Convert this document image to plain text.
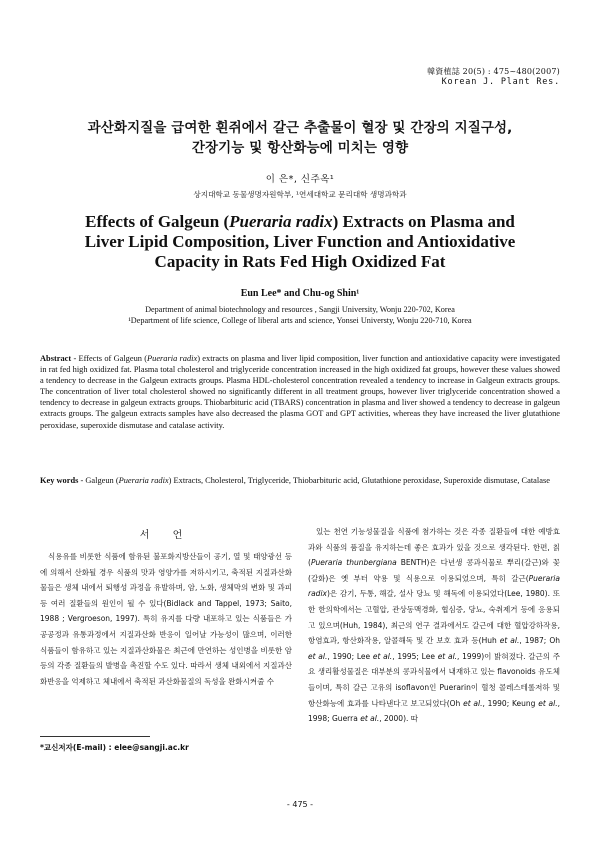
韓資植誌 20(5) : 475~480(2007)
Korean J. Plant Res.
과산화지질을 급여한 흰쥐에서 갈근 추출물이 혈장 및 간장의 지질구성,
간장기능 및 항산화능에 미치는 영향
이 은*, 신주옥¹
상지대학교 동물생명자원학부, ¹연세대학교 문리대학 생명과학과
Effects of Galgeun (Pueraria radix) Extracts on Plasma and
Liver Lipid Composition, Liver Function and Antioxidative
Capacity in Rats Fed High Oxidized Fat
Eun Lee* and Chu-og Shin¹
Department of animal biotechnology and resources , Sangji University, Wonju 220-702, Korea
¹Department of life science, College of liberal arts and science, Yonsei Universty, Wonju 220-710, Korea
Abstract - Effects of Galgeun (Pueraria radix) extracts on plasma and liver lipid composition, liver function and antioxidative capacity were investigated in rat fed high oxidized fat. Plasma total cholesterol and triglyceride concentration increased in the high oxidized fat groups, however these values showed a tendency to decrease in the Galgeun extracts groups. Plasma HDL-cholesterol concentration revealed a tendency to increase in Galgeun extracts groups. The concentration of liver total cholesterol showed no significantly different in all treatment groups, however liver triglyceride concentration showed a tendency to decrease in galgeun extracts groups. Thiobarbituric acid (TBARS) concentration in plasma and liver showed a tendency to decrease in galgeun extracts groups. The galgeun extracts samples have also decreased the plasma GOT and GPT activities, whereas they have increased the liver glutathione peroxidase, superoxide dismutase and catalase activity.
Key words - Galgeun (Pueraria radix) Extracts, Cholesterol, Triglyceride, Thiobarbituric acid, Glutathione peroxidase, Superoxide dismutase, Catalase
서 언

식용유를 비롯한 식품에 함유된 불포화지방산들이 공기, 열 및 태양광선 등에 의해서 산화될 경우 식품의 맛과 영양가를 저하시키고, 축적된 지질과산화물들은 생체 내에서 퇴행성 과정을 유발하며, 암, 노화, 생체막의 변화 및 과피 등 여러 질환들의 원인이 될 수 있다(Bidlack and Tappel, 1973; Saito, 1988 ; Vergroeson, 1997). 특히 유지를 다량 내포하고 있는 식품들은 가공공정과 유통과정에서 지질과산화 반응이 일어날 가능성이 많으며, 이러한 식품들이 함유하고 있는 지질과산화물은 최근에 만연하는 성인병을 비롯한 암 등의 각종 질환들의 발병을 촉진할 수도 있다. 따라서 생체 내외에서 지질과산화반응을 억제하고 체내에서 축적된 과산화물질의 독성을 완화시켜줄 수

있는 천연 기능성물질을 식품에 첨가하는 것은 각종 질환들에 대한 예방효과와 식품의 품질을 유지하는데 좋은 효과가 있을 것으로 생각된다. 한편, 칡(Pueraria thunbergiana BENTH)은 다년생 콩과식물로 뿌리(갈근)와 꽃(갈화)은 옛 부터 약용 및 식용으로 이용되었으며, 특히 갈근(Pueraria radix)은 감기, 두통, 해갈, 설사 당뇨 및 해독에 이용되었다(Lee, 1980). 또한 한의학에서는 고혈압, 관상동맥경화, 협심증, 당뇨, 숙취제거 등에 응용되고 있으며(Huh, 1984), 최근의 연구 결과에서도 갈근에 대한 혈압강하작용, 항염효과, 항산화작용, 알콜해독 및 간 보호 효과 등(Huh et al., 1987; Oh et al., 1990; Lee et al., 1995; Lee et al., 1999)이 밝혀졌다. 갈근의 주요 생리활성물질은 대부분의 콩과식물에서 내재하고 있는 flavonoids 유도체들이며, 특히 갈근 고유의 isoflavon인 Puerarin이 혈청 콜레스테롤저하 및 항산화능에 효과를 나타낸다고 보고되었다(Oh et al., 1990; Keung et al., 1998; Guerra et al., 2000). 따

*교신저자(E-mail) : elee@sangji.ac.kr
- 475 -
